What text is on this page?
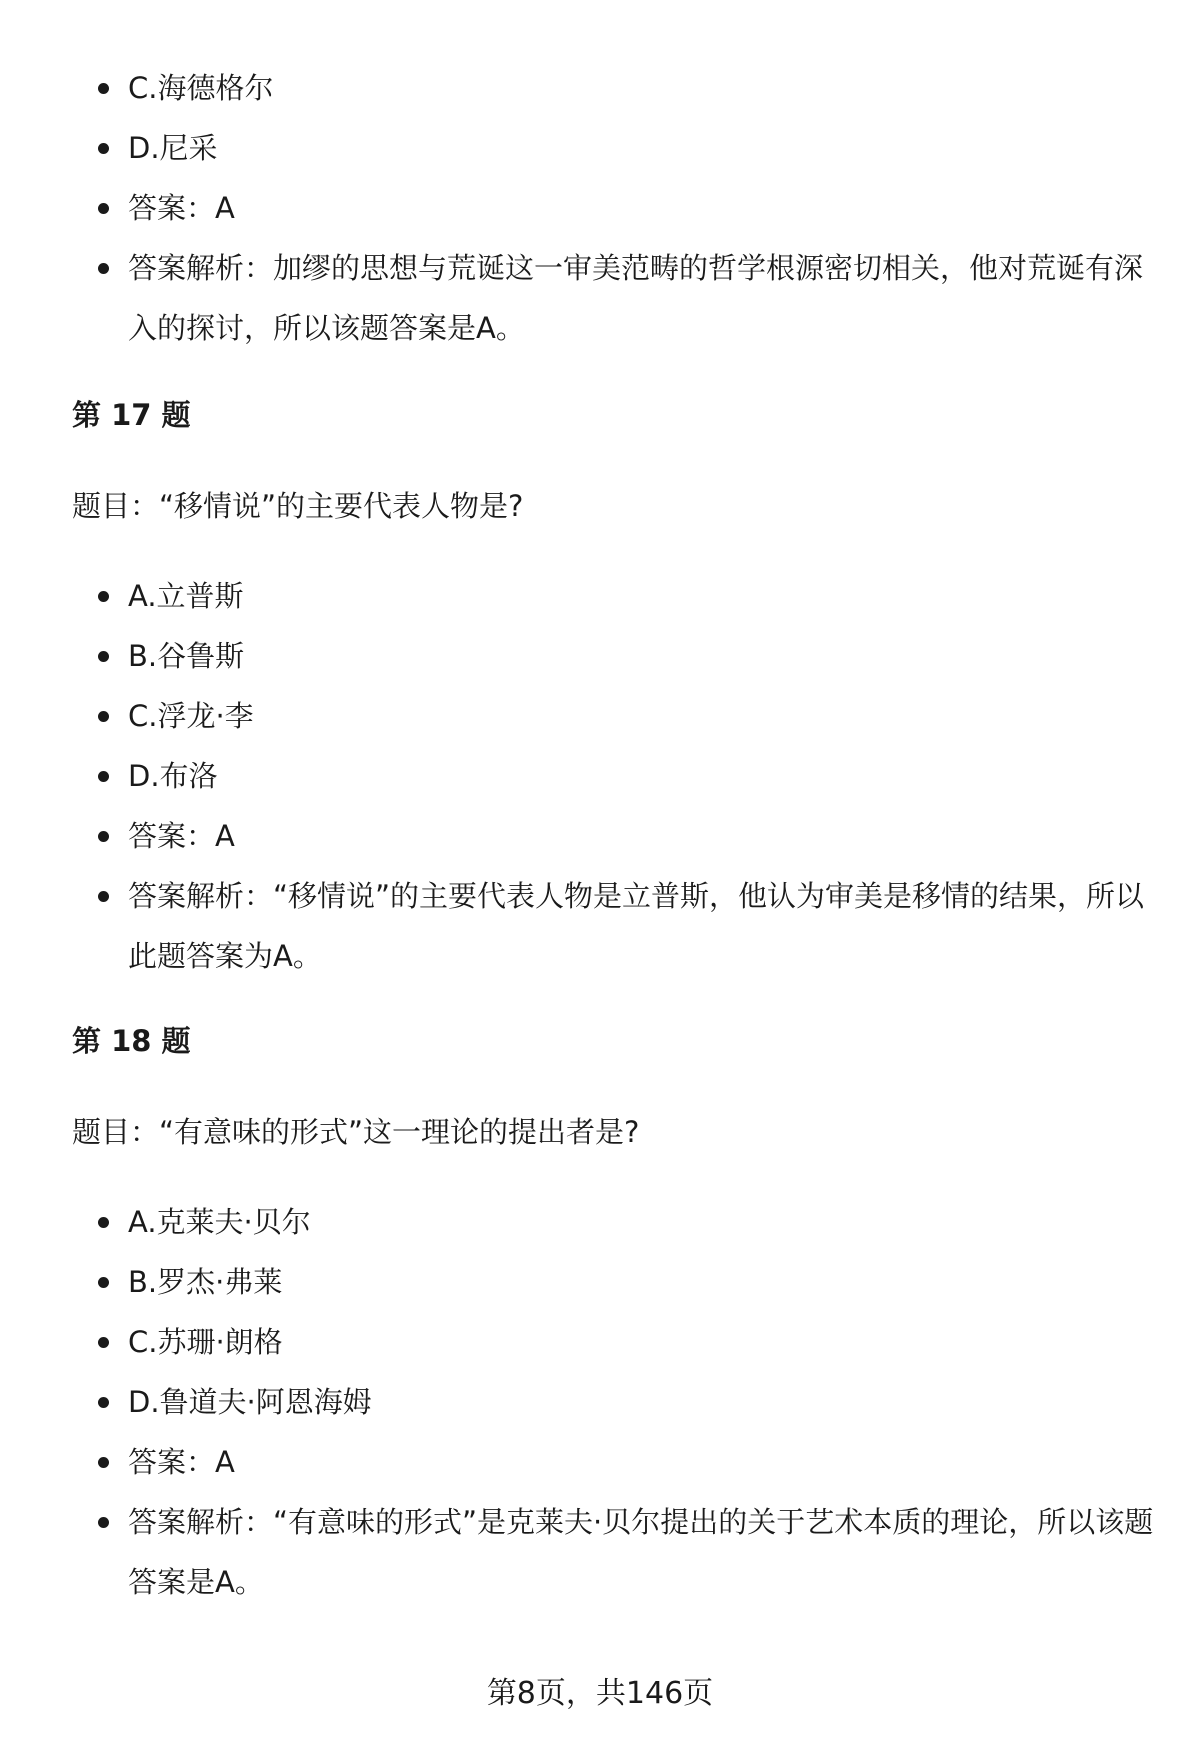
C.海德格尔
D.尼采
答案：A
答案解析：加缪的思想与荒诞这一审美范畴的哲学根源密切相关，他对荒诞有深入的探讨，所以该题答案是A。

第 17 题

题目：“移情说”的主要代表人物是?

A.立普斯
B.谷鲁斯
C.浮龙·李
D.布洛
答案：A
答案解析：“移情说”的主要代表人物是立普斯，他认为审美是移情的结果，所以此题答案为A。

第 18 题

题目：“有意味的形式”这一理论的提出者是?

A.克莱夫·贝尔
B.罗杰·弗莱
C.苏珊·朗格
D.鲁道夫·阿恩海姆
答案：A
答案解析：“有意味的形式”是克莱夫·贝尔提出的关于艺术本质的理论，所以该题答案是A。
第8页，共146页
